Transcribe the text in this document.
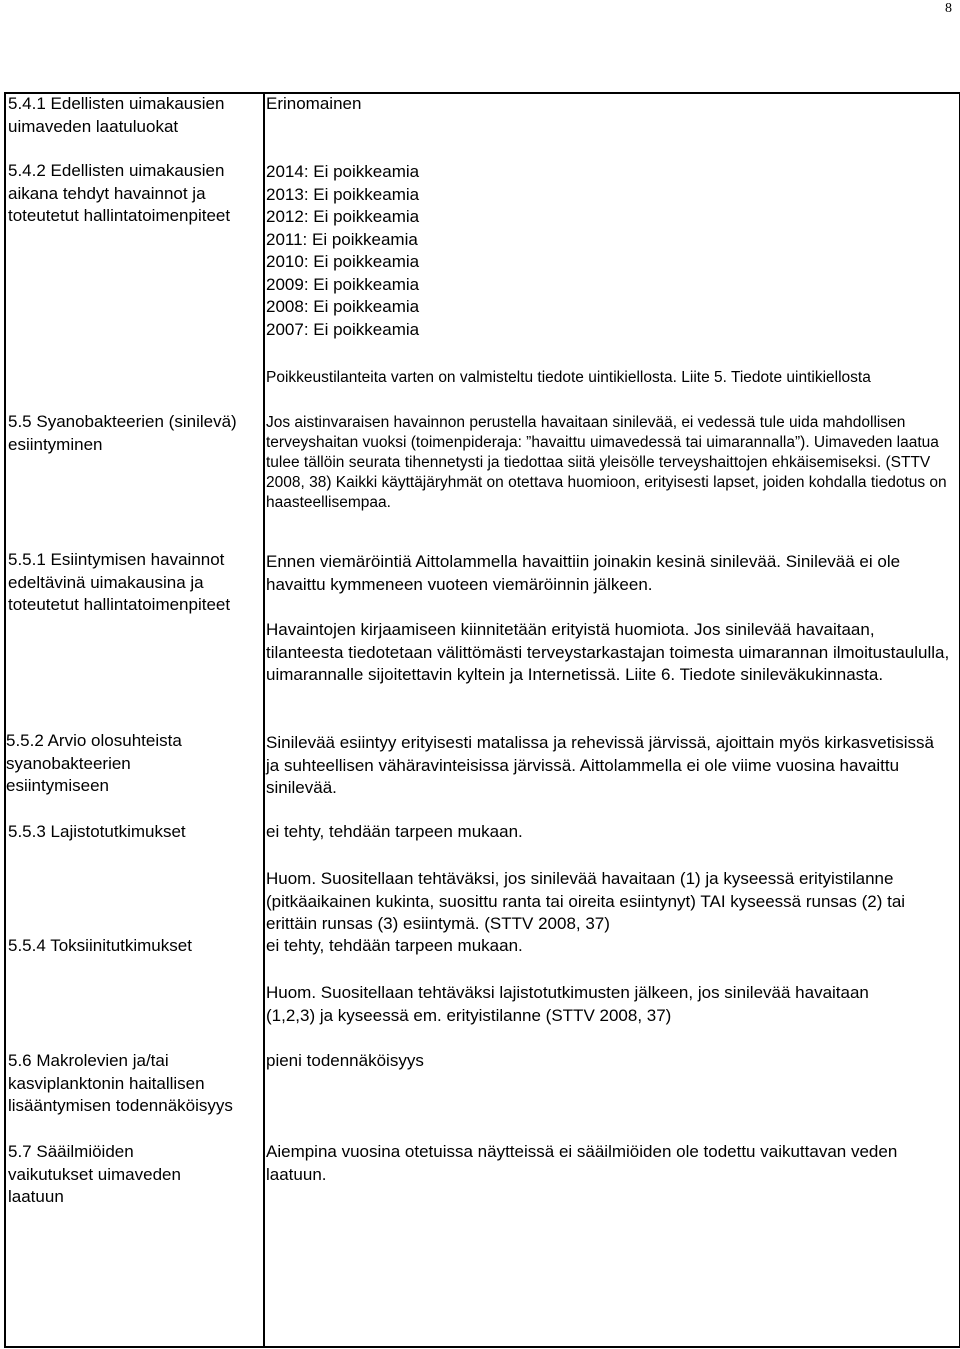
8

5.4.1 Edellisten uimakausien uimaveden laatuluokat

5.4.2 Edellisten uimakausien aikana tehdyt havainnot ja toteutetut hallintatoimenpiteet

5.5 Syanobakteerien (sinilevä) esiintyminen

5.5.1 Esiintymisen havainnot edeltävinä uimakausina ja toteutetut hallintatoimenpiteet

5.5.2 Arvio olosuhteista syanobakteerien esiintymiseen

5.5.3 Lajistotutkimukset

5.5.4 Toksiinitutkimukset

5.6 Makrolevien ja/tai kasviplanktonin haitallisen lisääntymisen todennäköisyys

5.7 Sääilmiöiden vaikutukset uimaveden laatuun

Erinomainen

2014: Ei poikkeamia
2013: Ei poikkeamia
2012: Ei poikkeamia
2011: Ei poikkeamia
2010: Ei poikkeamia
2009: Ei poikkeamia
2008: Ei poikkeamia
2007: Ei poikkeamia

Poikkeustilanteita varten on valmisteltu tiedote uintikiellosta. Liite 5. Tiedote uintikiellosta

Jos aistinvaraisen havainnon perustella havaitaan sinilevää, ei vedessä tule uida mahdollisen terveyshaitan vuoksi (toimenpideraja: ”havaittu uimavedessä tai uimarannalla”). Uimaveden laatua tulee tällöin seurata tihennetysti ja tiedottaa siitä yleisölle terveyshaittojen ehkäisemiseksi. (STTV 2008, 38) Kaikki käyttäjäryhmät on otettava huomioon, erityisesti lapset, joiden kohdalla tiedotus on haasteellisempaa.

Ennen viemäröintiä Aittolammella havaittiin joinakin kesinä sinilevää. Sinilevää ei ole havaittu kymmeneen vuoteen viemäröinnin jälkeen.

Havaintojen kirjaamiseen kiinnitetään erityistä huomiota. Jos sinilevää havaitaan, tilanteesta tiedotetaan välittömästi terveystarkastajan toimesta uimarannan ilmoitustaululla, uimarannalle sijoitettavin kyltein ja Internetissä. Liite 6. Tiedote sinileväkukinnasta.

Sinilevää esiintyy erityisesti matalissa ja rehevissä järvissä, ajoittain myös kirkasvetisissä ja suhteellisen vähäravinteisissa järvissä. Aittolammella ei ole viime vuosina havaittu sinilevää.

ei tehty, tehdään tarpeen mukaan.

Huom. Suositellaan tehtäväksi, jos sinilevää havaitaan (1) ja kyseessä erityistilanne (pitkäaikainen kukinta, suosittu ranta tai oireita esiintynyt) TAI kyseessä runsas (2) tai erittäin runsas (3) esiintymä. (STTV 2008, 37)

ei tehty, tehdään tarpeen mukaan.

Huom. Suositellaan tehtäväksi lajistotutkimusten jälkeen, jos sinilevää havaitaan (1,2,3) ja kyseessä em. erityistilanne (STTV 2008, 37)

pieni todennäköisyys

Aiempina vuosina otetuissa näytteissä ei sääilmiöiden ole todettu vaikuttavan veden laatuun.
